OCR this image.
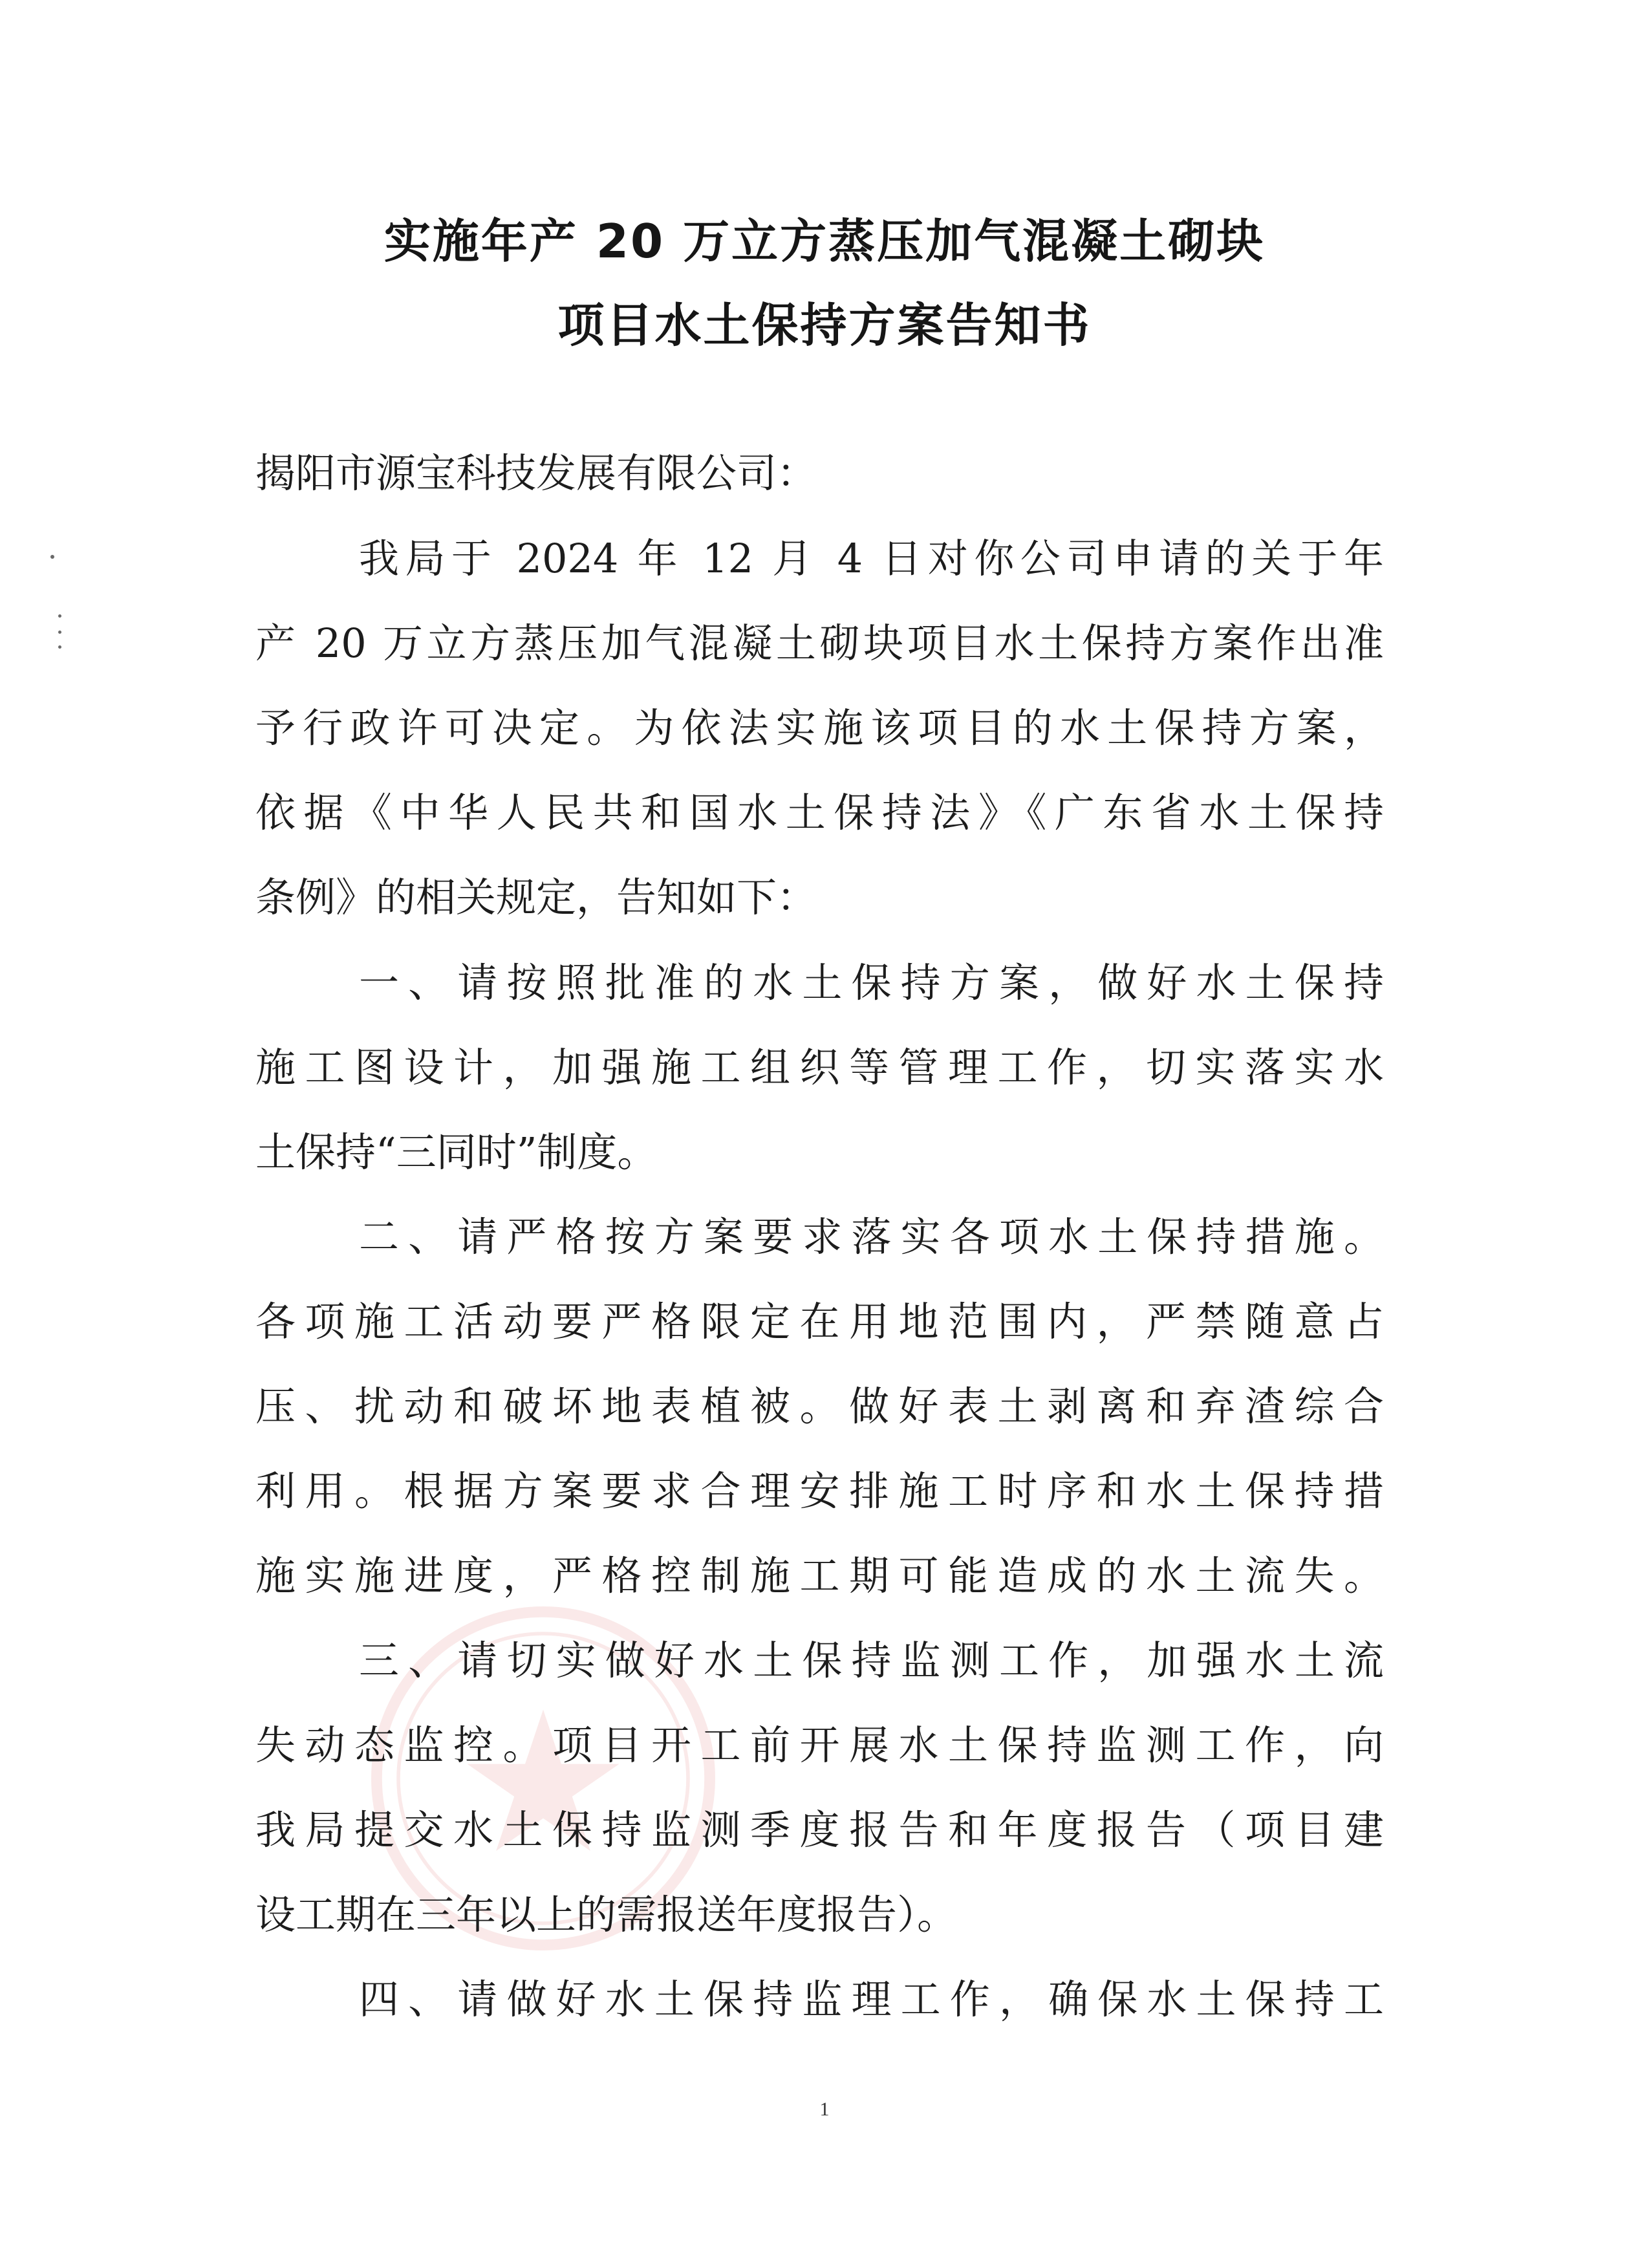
实施年产 20 万立方蒸压加气混凝土砌块
项目水土保持方案告知书
揭阳市源宝科技发展有限公司：
我局于 2024 年 12 月 4 日对你公司申请的关于年
产 20 万立方蒸压加气混凝土砌块项目水土保持方案作出准
予行政许可决定。为依法实施该项目的水土保持方案，
依据《中华人民共和国水土保持法》《广东省水土保持
条例》的相关规定，告知如下：
一、请按照批准的水土保持方案，做好水土保持
施工图设计，加强施工组织等管理工作，切实落实水
土保持“三同时”制度。
二、请严格按方案要求落实各项水土保持措施。
各项施工活动要严格限定在用地范围内，严禁随意占
压、扰动和破坏地表植被。做好表土剥离和弃渣综合
利用。根据方案要求合理安排施工时序和水土保持措
施实施进度，严格控制施工期可能造成的水土流失。
三、请切实做好水土保持监测工作，加强水土流
失动态监控。项目开工前开展水土保持监测工作，向
我局提交水土保持监测季度报告和年度报告（项目建
设工期在三年以上的需报送年度报告）。
四、请做好水土保持监理工作，确保水土保持工
1
